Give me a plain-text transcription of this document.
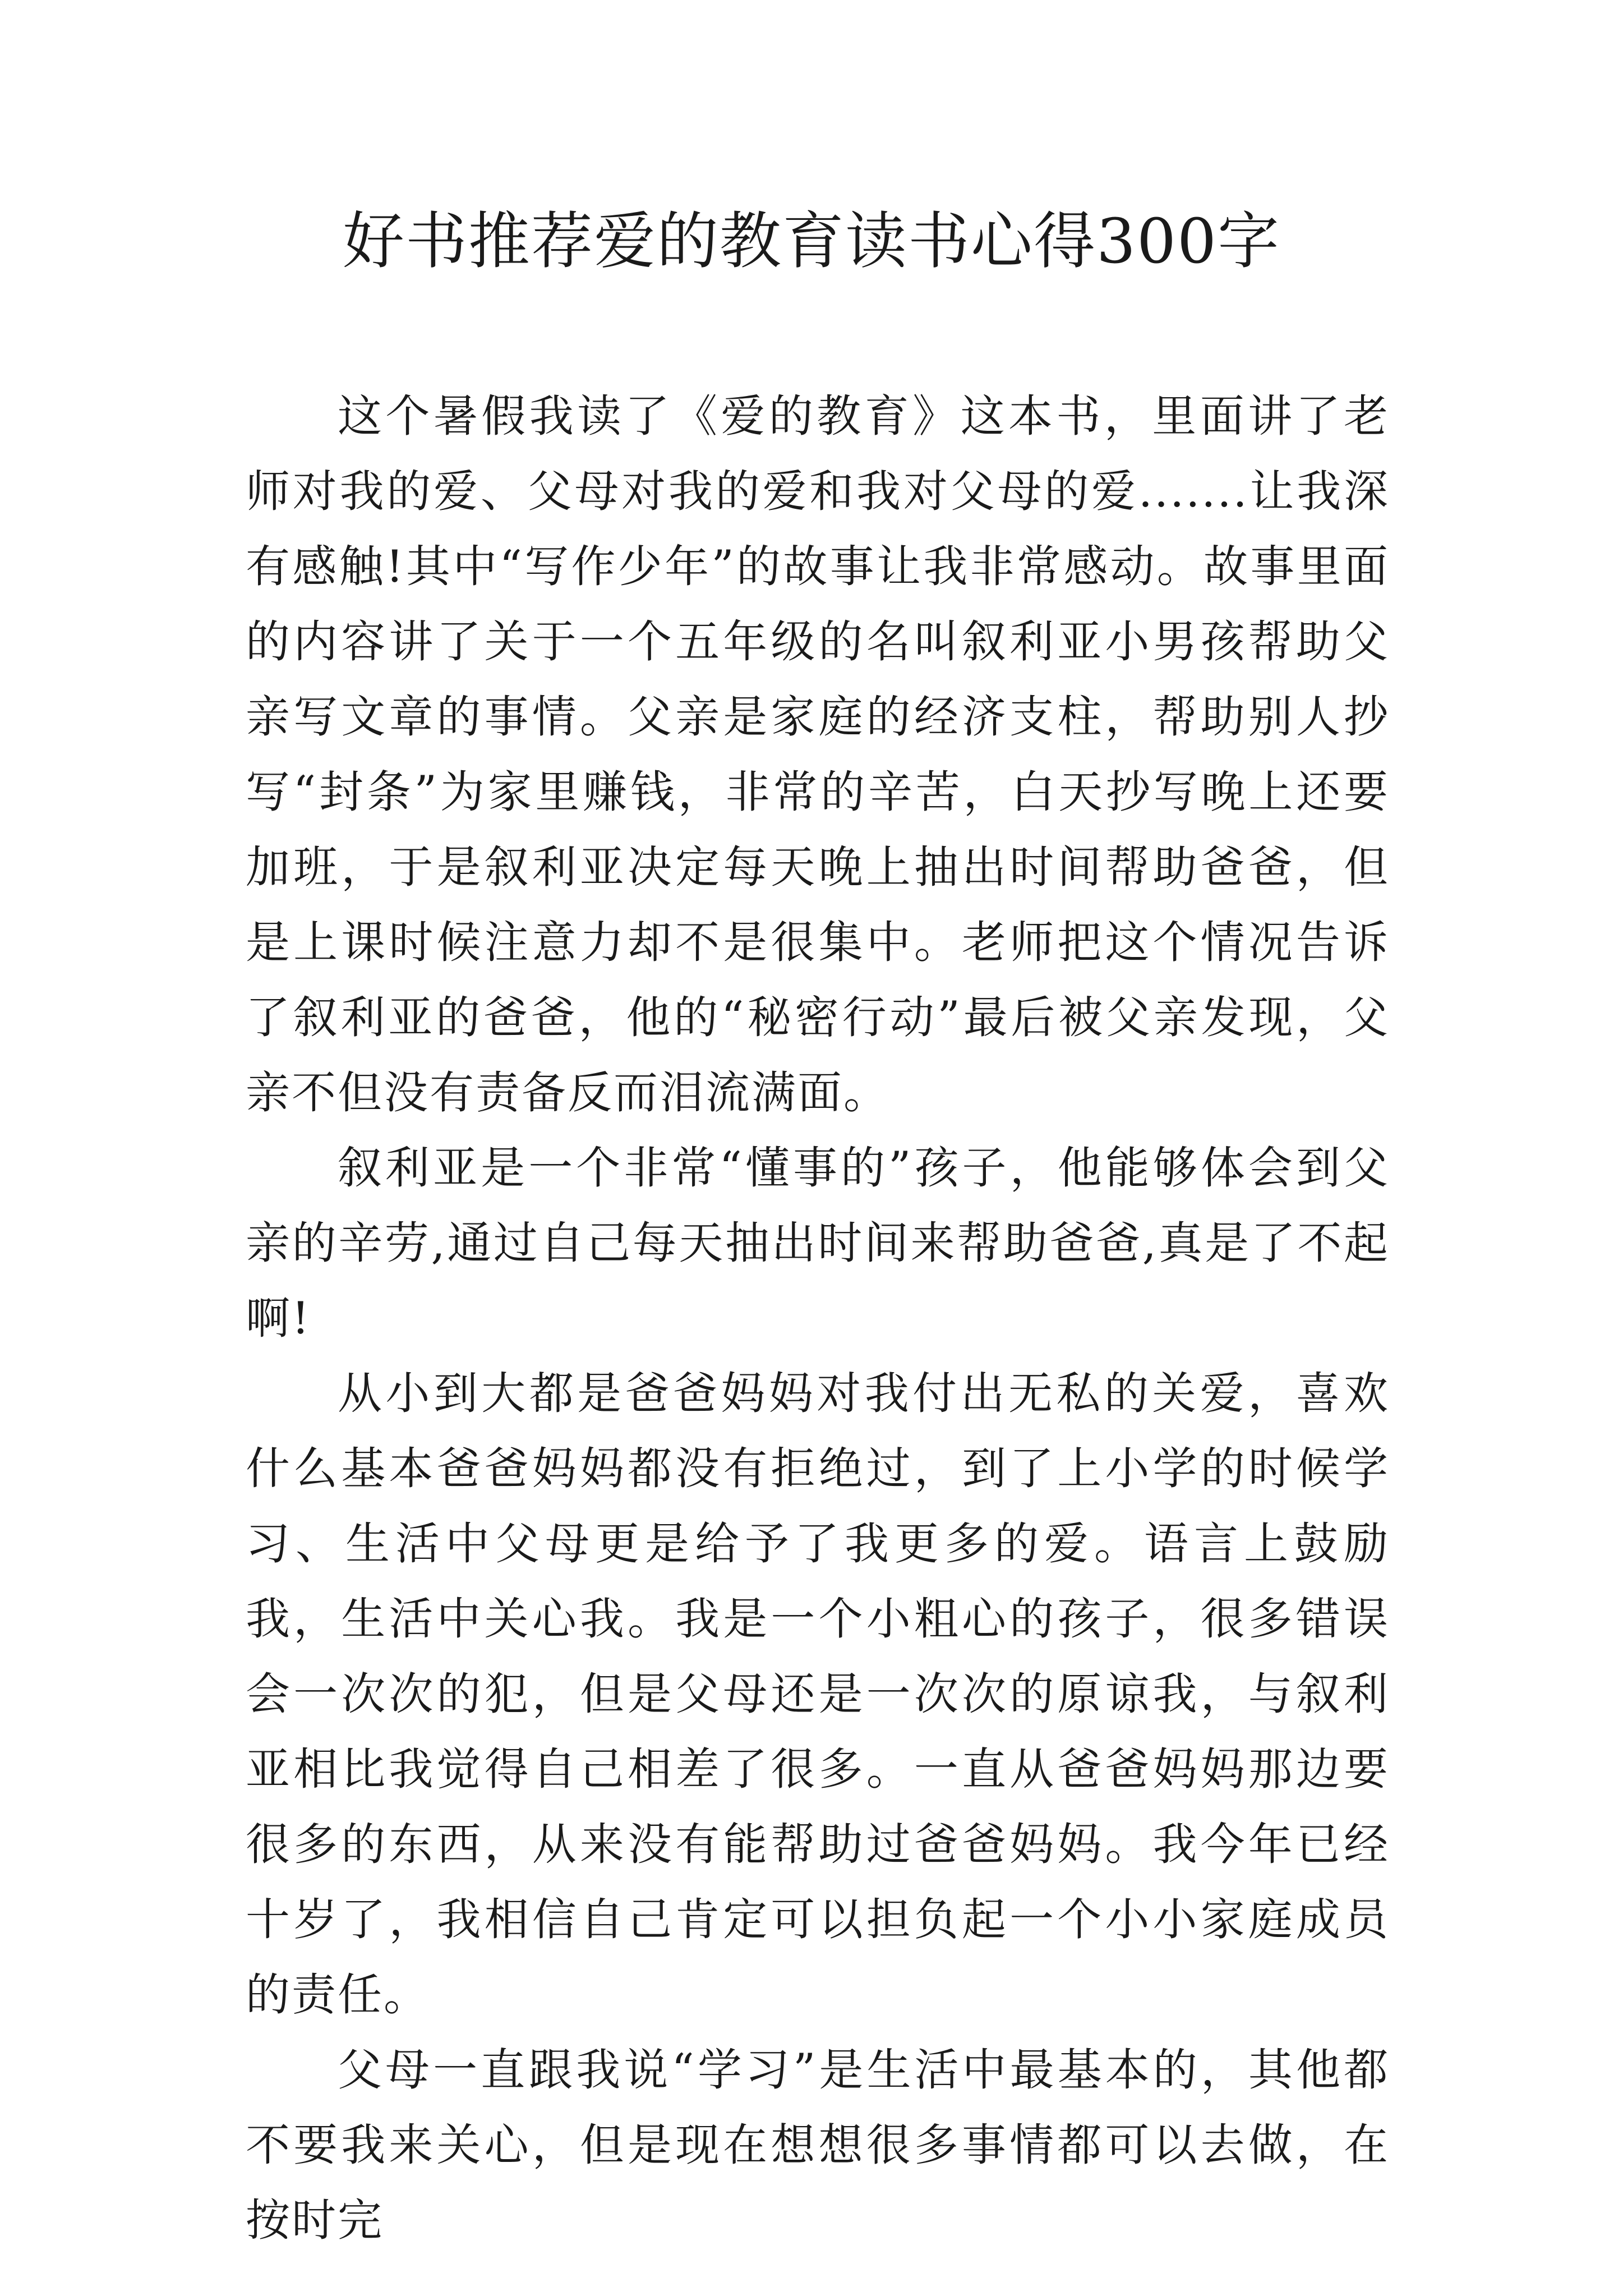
好书推荐爱的教育读书心得300字

这个暑假我读了《爱的教育》这本书，里面讲了老师对我的爱、父母对我的爱和我对父母的爱.......让我深有感触!其中“写作少年”的故事让我非常感动。故事里面的内容讲了关于一个五年级的名叫叙利亚小男孩帮助父亲写文章的事情。父亲是家庭的经济支柱，帮助别人抄写“封条”为家里赚钱，非常的辛苦，白天抄写晚上还要加班，于是叙利亚决定每天晚上抽出时间帮助爸爸，但是上课时候注意力却不是很集中。老师把这个情况告诉了叙利亚的爸爸，他的“秘密行动”最后被父亲发现，父亲不但没有责备反而泪流满面。

叙利亚是一个非常“懂事的”孩子，他能够体会到父亲的辛劳,通过自己每天抽出时间来帮助爸爸,真是了不起啊!

从小到大都是爸爸妈妈对我付出无私的关爱，喜欢什么基本爸爸妈妈都没有拒绝过，到了上小学的时候学习、生活中父母更是给予了我更多的爱。语言上鼓励我，生活中关心我。我是一个小粗心的孩子，很多错误会一次次的犯，但是父母还是一次次的原谅我，与叙利亚相比我觉得自己相差了很多。一直从爸爸妈妈那边要很多的东西，从来没有能帮助过爸爸妈妈。我今年已经十岁了，我相信自己肯定可以担负起一个小小家庭成员的责任。

父母一直跟我说“学习”是生活中最基本的，其他都不要我来关心，但是现在想想很多事情都可以去做，在按时完
